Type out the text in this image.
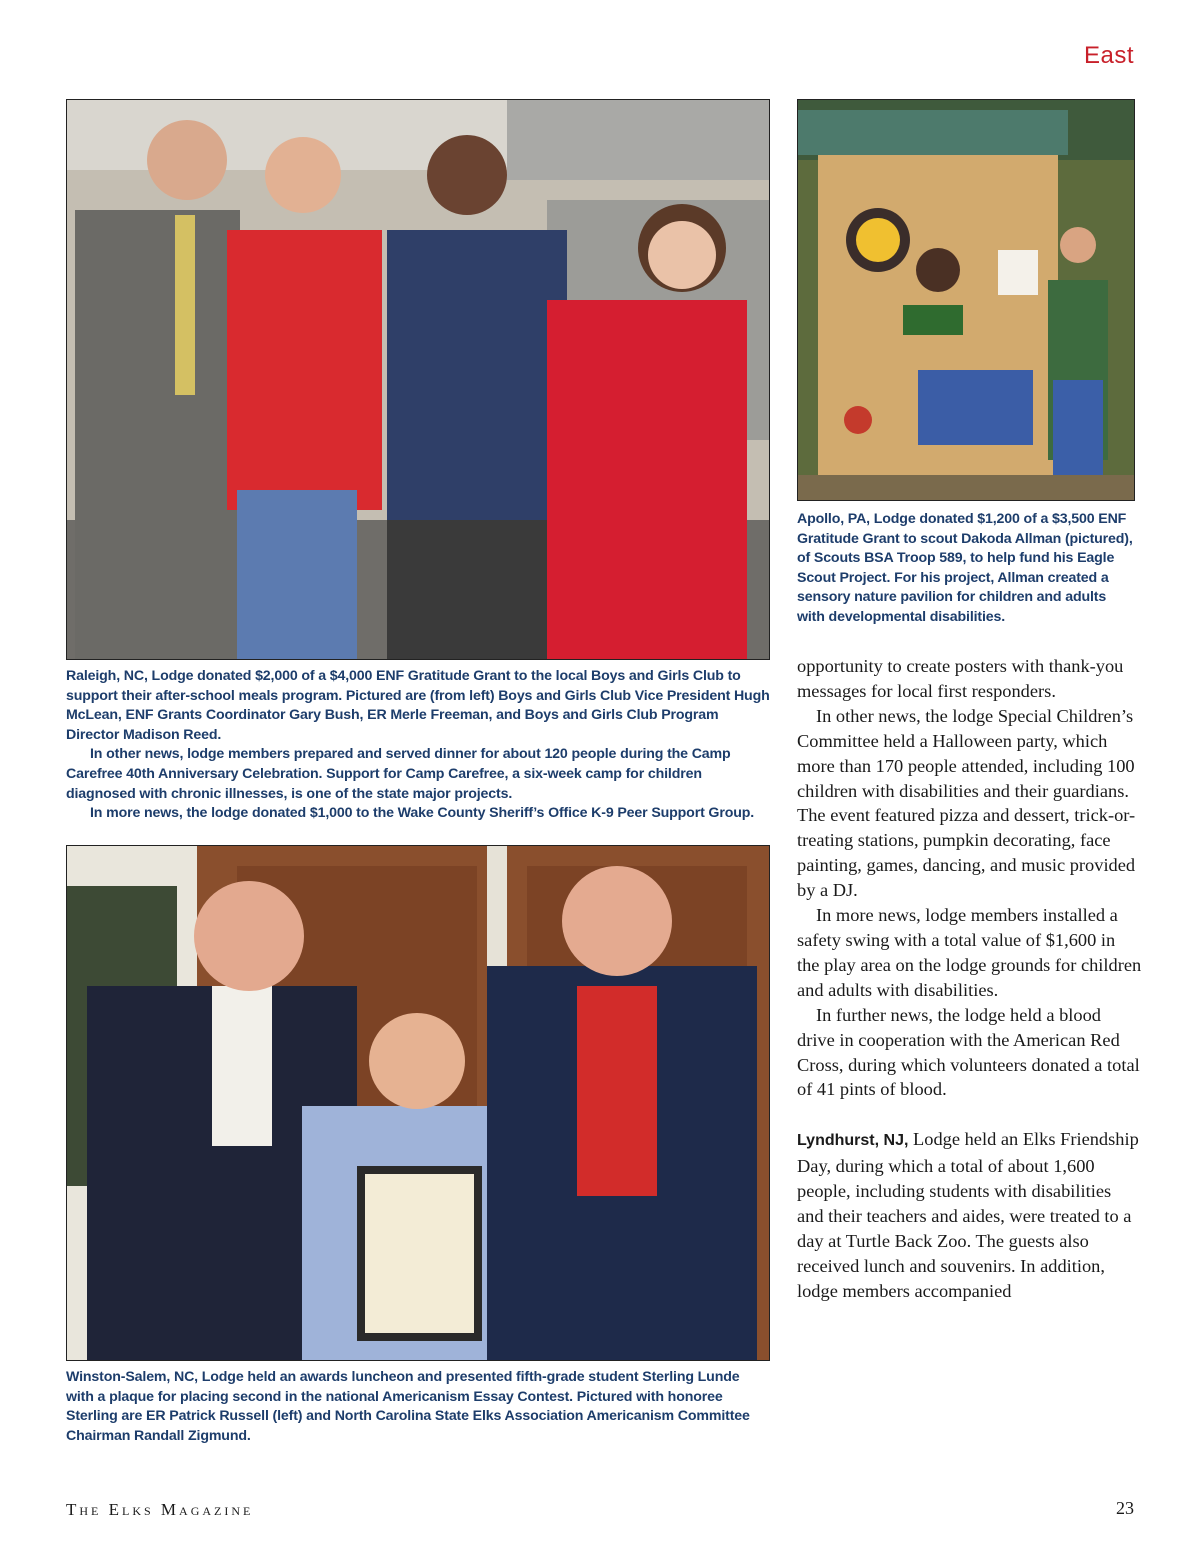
East

Apollo, PA, Lodge donated $1,200 of a $3,500 ENF Gratitude Grant to scout Dakoda Allman (pictured), of Scouts BSA Troop 589, to help fund his Eagle Scout Project. For his project, Allman created a sensory nature pavilion for children and adults with developmental disabilities.

Raleigh, NC, Lodge donated $2,000 of a $4,000 ENF Gratitude Grant to the local Boys and Girls Club to support their after-school meals program. Pictured are (from left) Boys and Girls Club Vice President Hugh McLean, ENF Grants Coordinator Gary Bush, ER Merle Freeman, and Boys and Girls Club Program Director Madison Reed.

In other news, lodge members prepared and served dinner for about 120 people during the Camp Carefree 40th Anniversary Celebration. Support for Camp Carefree, a six-week camp for children diagnosed with chronic illnesses, is one of the state major projects.

In more news, the lodge donated $1,000 to the Wake County Sheriff’s Office K-9 Peer Support Group.

Winston-Salem, NC, Lodge held an awards luncheon and presented fifth-grade student Sterling Lunde with a plaque for placing second in the national Americanism Essay Contest. Pictured with honoree Sterling are ER Patrick Russell (left) and North Carolina State Elks Association Americanism Committee Chairman Randall Zigmund.

opportunity to create posters with thank-you messages for local first responders.

In other news, the lodge Special Children’s Committee held a Halloween party, which more than 170 people attended, including 100 children with disabilities and their guardians. The event featured pizza and dessert, trick-or-treating stations, pumpkin decorating, face painting, games, dancing, and music provided by a DJ.

In more news, lodge members installed a safety swing with a total value of $1,600 in the play area on the lodge grounds for children and adults with disabilities.

In further news, the lodge held a blood drive in cooperation with the American Red Cross, during which volunteers donated a total of 41 pints of blood.

Lyndhurst, NJ, Lodge held an Elks Friendship Day, during which a total of about 1,600 people, including students with disabilities and their teachers and aides, were treated to a day at Turtle Back Zoo. The guests also received lunch and souvenirs. In addition, lodge members accompanied

The Elks Magazine	23
